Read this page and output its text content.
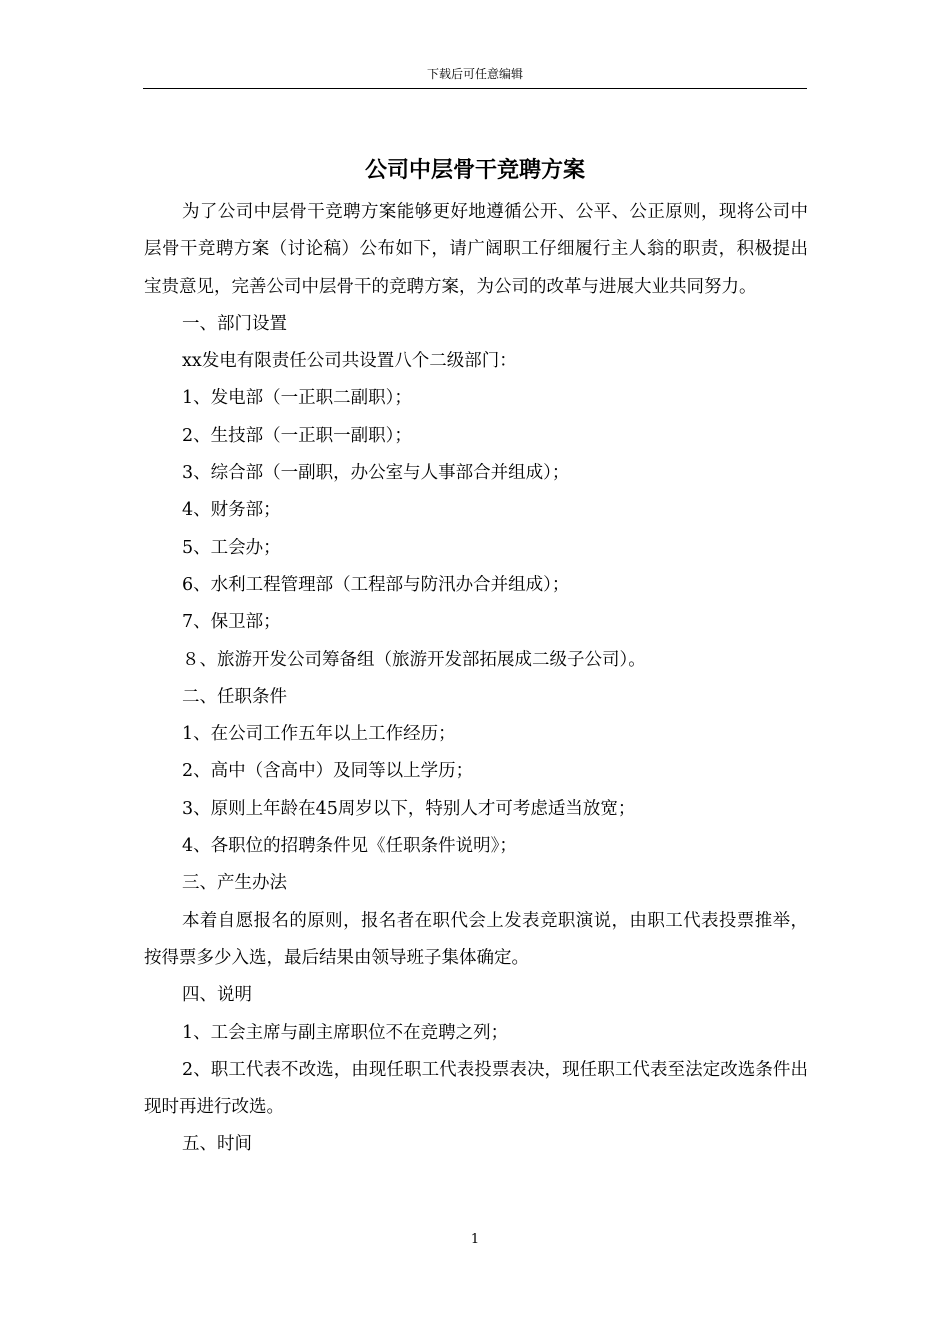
下载后可任意编辑
公司中层骨干竞聘方案

为了公司中层骨干竞聘方案能够更好地遵循公开、公平、公正原则，现将公司中层骨干竞聘方案（讨论稿）公布如下，请广阔职工仔细履行主人翁的职责，积极提出宝贵意见，完善公司中层骨干的竞聘方案，为公司的改革与进展大业共同努力。

一、部门设置

xx发电有限责任公司共设置八个二级部门：

1、发电部（一正职二副职）；

2、生技部（一正职一副职）；

3、综合部（一副职，办公室与人事部合并组成）；

4、财务部；

5、工会办；

6、水利工程管理部（工程部与防汛办合并组成）；

7、保卫部；

８、旅游开发公司筹备组（旅游开发部拓展成二级子公司）。

二、任职条件

1、在公司工作五年以上工作经历；

2、高中（含高中）及同等以上学历；

3、原则上年龄在45周岁以下，特别人才可考虑适当放宽；

4、各职位的招聘条件见《任职条件说明》；

三、产生办法

本着自愿报名的原则，报名者在职代会上发表竞职演说，由职工代表投票推举，按得票多少入选，最后结果由领导班子集体确定。

四、说明

1、工会主席与副主席职位不在竞聘之列；

2、职工代表不改选，由现任职工代表投票表决，现任职工代表至法定改选条件出现时再进行改选。

五、时间

1
